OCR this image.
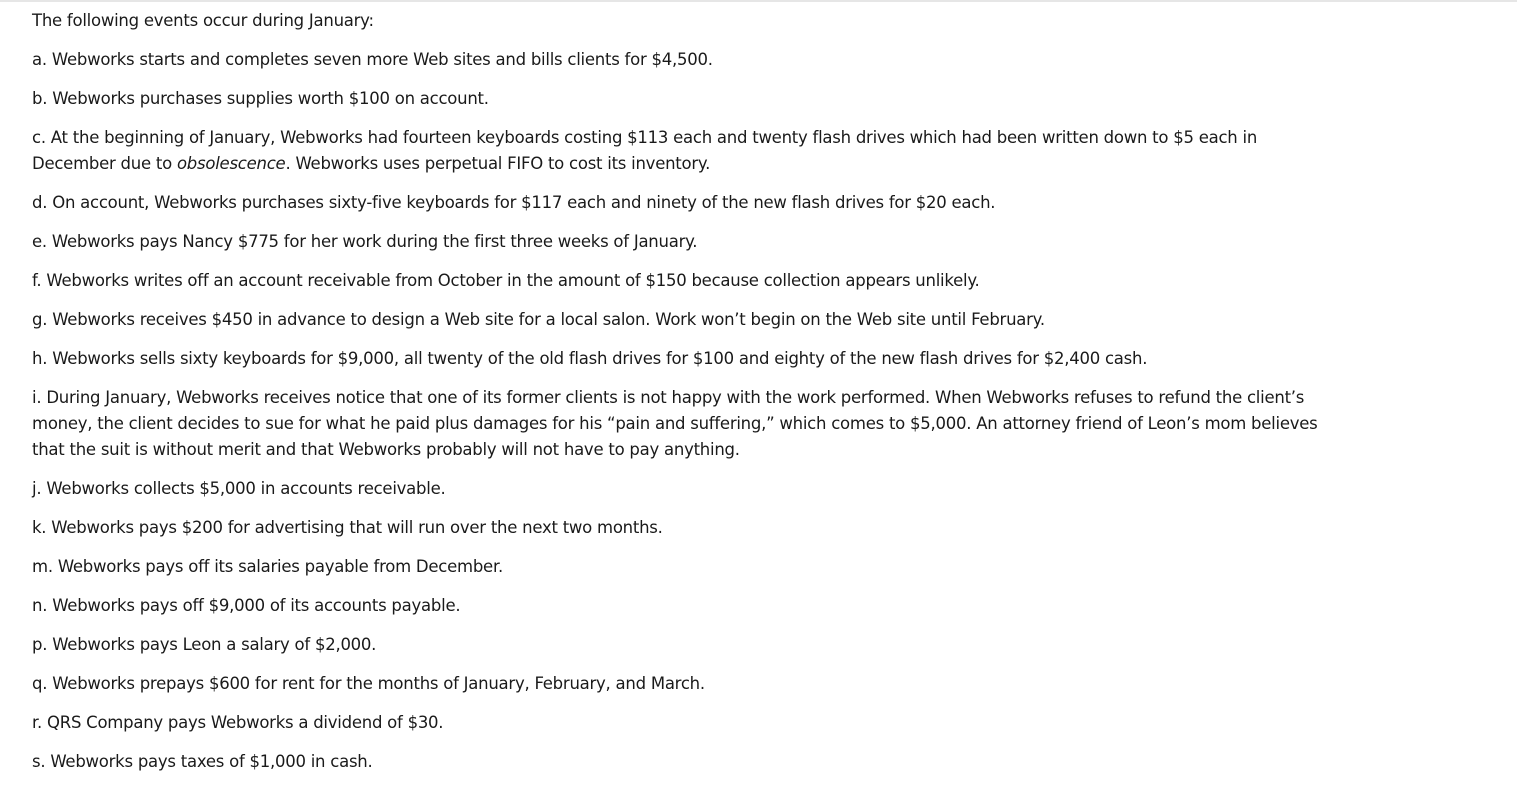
The following events occur during January:

a. Webworks starts and completes seven more Web sites and bills clients for $4,500.

b. Webworks purchases supplies worth $100 on account.

c. At the beginning of January, Webworks had fourteen keyboards costing $113 each and twenty flash drives which had been written down to $5 each in December due to obsolescence. Webworks uses perpetual FIFO to cost its inventory.

d. On account, Webworks purchases sixty-five keyboards for $117 each and ninety of the new flash drives for $20 each.

e. Webworks pays Nancy $775 for her work during the first three weeks of January.

f. Webworks writes off an account receivable from October in the amount of $150 because collection appears unlikely.

g. Webworks receives $450 in advance to design a Web site for a local salon. Work won’t begin on the Web site until February.

h. Webworks sells sixty keyboards for $9,000, all twenty of the old flash drives for $100 and eighty of the new flash drives for $2,400 cash.

i. During January, Webworks receives notice that one of its former clients is not happy with the work performed. When Webworks refuses to refund the client’s money, the client decides to sue for what he paid plus damages for his “pain and suffering,” which comes to $5,000. An attorney friend of Leon’s mom believes that the suit is without merit and that Webworks probably will not have to pay anything.

j. Webworks collects $5,000 in accounts receivable.

k. Webworks pays $200 for advertising that will run over the next two months.

m. Webworks pays off its salaries payable from December.

n. Webworks pays off $9,000 of its accounts payable.

p. Webworks pays Leon a salary of $2,000.

q. Webworks prepays $600 for rent for the months of January, February, and March.

r. QRS Company pays Webworks a dividend of $30.

s. Webworks pays taxes of $1,000 in cash.
